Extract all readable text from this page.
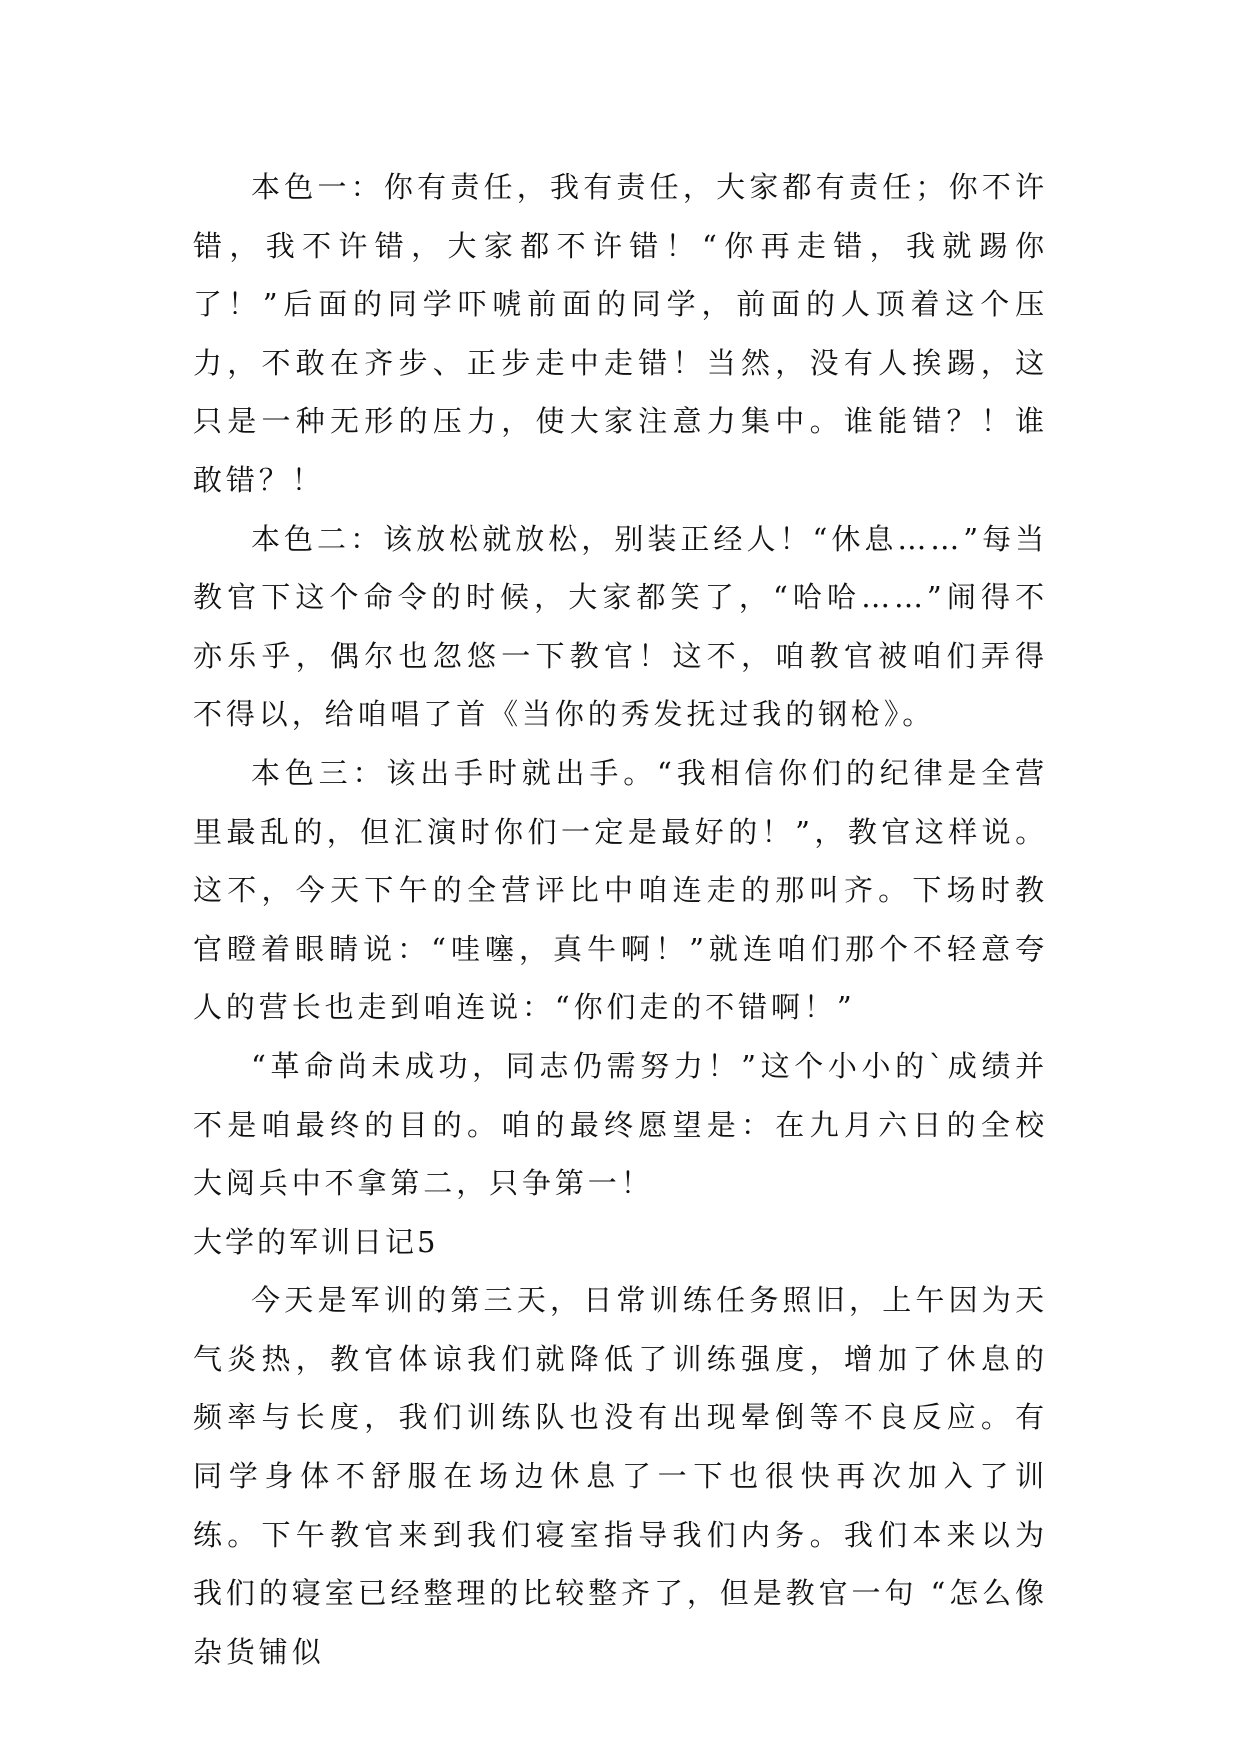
本色一：你有责任，我有责任，大家都有责任；你不许错，我不许错，大家都不许错！“你再走错，我就踢你了！”后面的同学吓唬前面的同学，前面的人顶着这个压力，不敢在齐步、正步走中走错！当然，没有人挨踢，这只是一种无形的压力，使大家注意力集中。谁能错？！谁敢错？！

本色二：该放松就放松，别装正经人！“休息……”每当教官下这个命令的时候，大家都笑了，“哈哈……”闹得不亦乐乎，偶尔也忽悠一下教官！这不，咱教官被咱们弄得不得以，给咱唱了首《当你的秀发抚过我的钢枪》。

本色三：该出手时就出手。“我相信你们的纪律是全营里最乱的，但汇演时你们一定是最好的！”，教官这样说。这不，今天下午的全营评比中咱连走的那叫齐。下场时教官瞪着眼睛说：“哇噻，真牛啊！”就连咱们那个不轻意夸人的营长也走到咱连说：“你们走的不错啊！”

“革命尚未成功，同志仍需努力！”这个小小的`成绩并不是咱最终的目的。咱的最终愿望是：在九月六日的全校大阅兵中不拿第二，只争第一！

大学的军训日记5

今天是军训的第三天，日常训练任务照旧，上午因为天气炎热，教官体谅我们就降低了训练强度，增加了休息的频率与长度，我们训练队也没有出现晕倒等不良反应。有同学身体不舒服在场边休息了一下也很快再次加入了训练。下午教官来到我们寝室指导我们内务。我们本来以为我们的寝室已经整理的比较整齐了，但是教官一句 “怎么像杂货铺似
